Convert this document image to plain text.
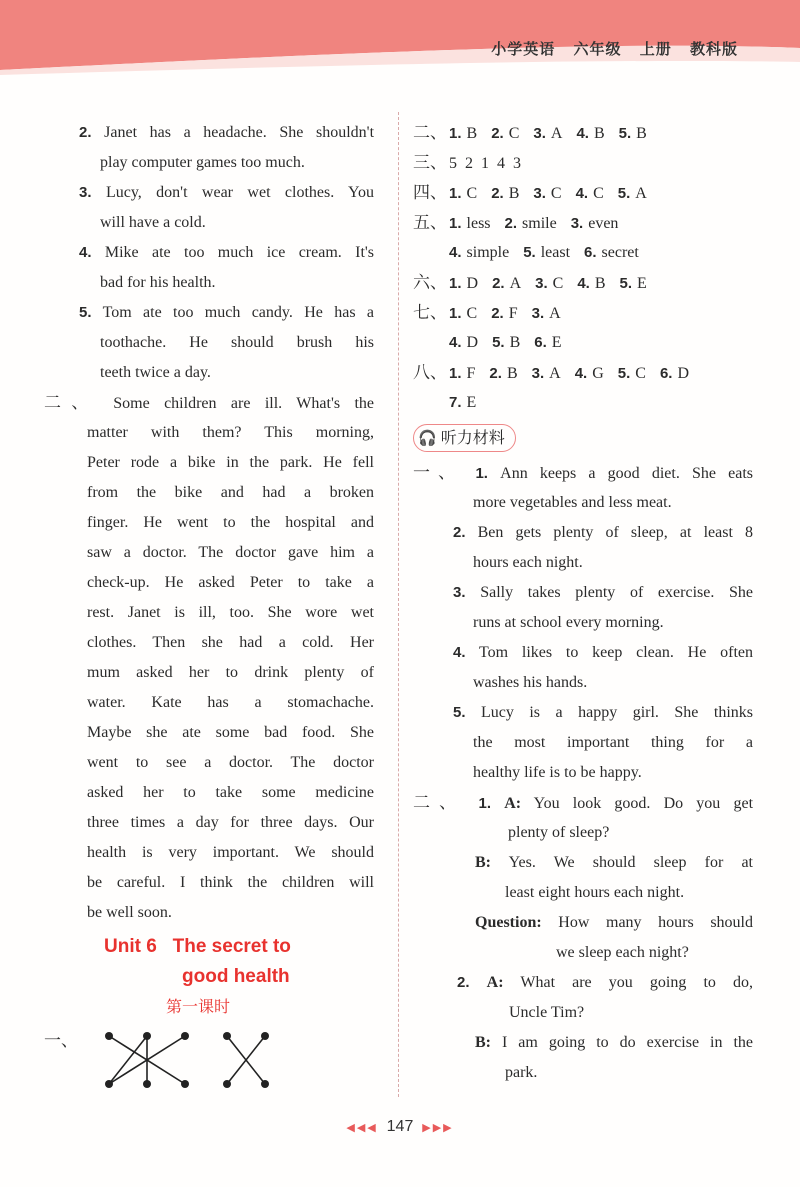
小学英语 六年级 上册 教科版
2. Janet has a headache. She shouldn't
play computer games too much.
3. Lucy, don't wear wet clothes. You
will have a cold.
4. Mike ate too much ice cream. It's
bad for his health.
5. Tom ate too much candy. He has a
toothache. He should brush his
teeth twice a day.
二、 Some children are ill. What's the
matter with them? This morning,
Peter rode a bike in the park. He fell
from the bike and had a broken
finger. He went to the hospital and
saw a doctor. The doctor gave him a
check-up. He asked Peter to take a
rest. Janet is ill, too. She wore wet
clothes. Then she had a cold. Her
mum asked her to drink plenty of
water. Kate has a stomachache.
Maybe she ate some bad food. She
went to see a doctor. The doctor
asked her to take some medicine
three times a day for three days. Our
health is very important. We should
be careful. I think the children will
be well soon.
Unit 6 The secret to
good health
第一课时
一、
二、 1. B 2. C 3. A 4. B 5. B
三、 5  2  1  4  3
四、 1. C 2. B 3. C 4. C 5. A
五、 1. less 2. smile 3. even
4. simple 5. least 6. secret
六、 1. D 2. A 3. C 4. B 5. E
七、 1. C 2. F 3. A
4. D 5. B 6. E
八、 1. F 2. B 3. A 4. G 5. C 6. D
7. E
🎧 听力材料
一、 1. Ann keeps a good diet. She eats
more vegetables and less meat.
2. Ben gets plenty of sleep, at least 8
hours each night.
3. Sally takes plenty of exercise. She
runs at school every morning.
4. Tom likes to keep clean. He often
washes his hands.
5. Lucy is a happy girl. She thinks
the most important thing for a
healthy life is to be happy.
二、 1. A: You look good. Do you get
plenty of sleep?
B: Yes. We should sleep for at
least eight hours each night.
Question: How many hours should
we sleep each night?
2. A: What are you going to do,
Uncle Tim?
B: I am going to do exercise in the
park.
◀◀◀ 147 ▶▶▶
